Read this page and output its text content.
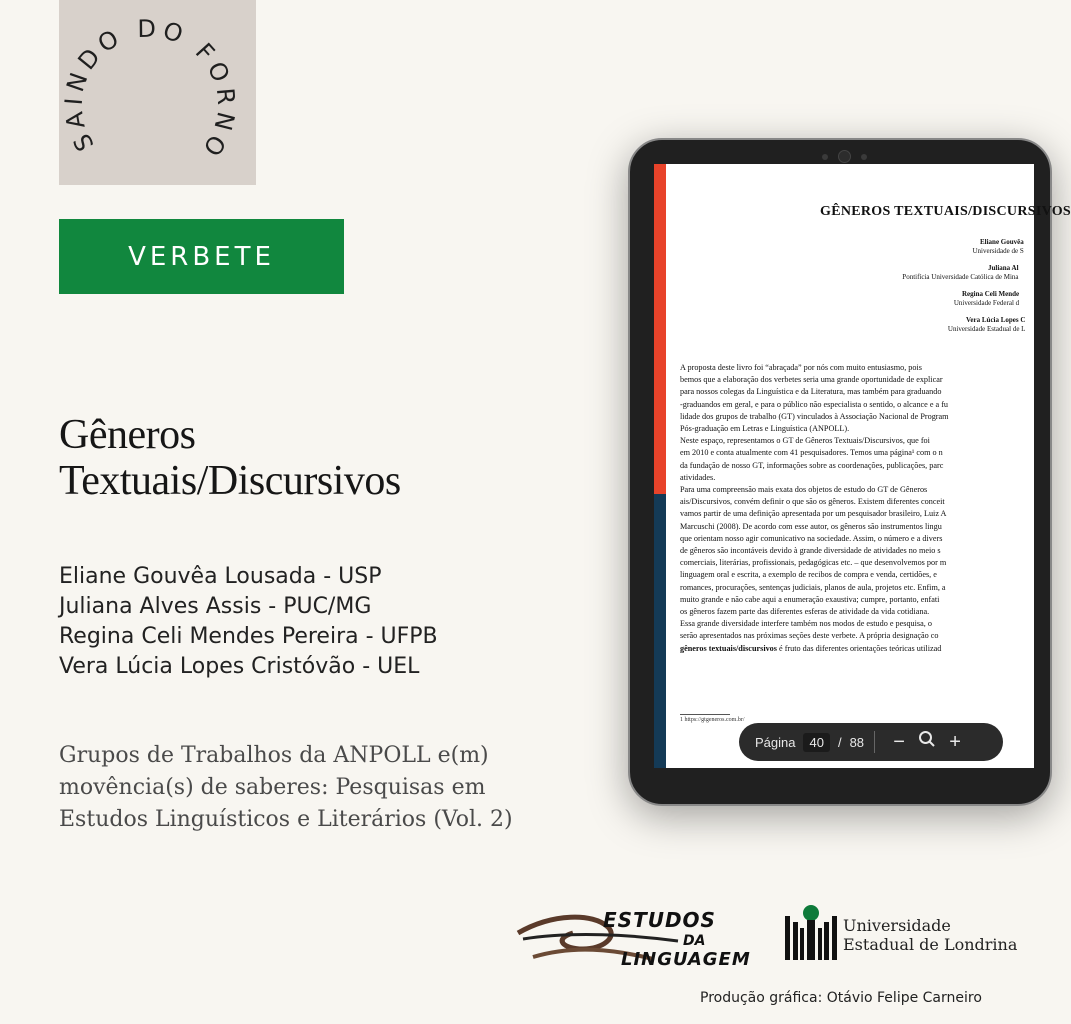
SAINDO DO FORNO
VERBETE
Gêneros
Textuais/Discursivos
Eliane Gouvêa Lousada - USP
Juliana Alves Assis - PUC/MG
Regina Celi Mendes Pereira - UFPB
Vera Lúcia Lopes Cristóvão - UEL
Grupos de Trabalhos da ANPOLL e(m)
movência(s) de saberes: Pesquisas em
Estudos Linguísticos e Literários (Vol. 2)
GÊNEROS TEXTUAIS/DISCURSIVOS
Eliane Gouvêa
Universidade de S
Juliana Al
Pontifícia Universidade Católica de Mina
Regina Celi Mende
Universidade Federal d
Vera Lúcia Lopes C
Universidade Estadual de L

A proposta deste livro foi “abraçada” por nós com muito entusiasmo, pois

bemos que a elaboração dos verbetes seria uma grande oportunidade de explicar

para nossos colegas da Linguística e da Literatura, mas também para graduando

-graduandos em geral, e para o público não especialista o sentido, o alcance e a fu

lidade dos grupos de trabalho (GT) vinculados à Associação Nacional de Program

Pós-graduação em Letras e Linguística (ANPOLL).

Neste espaço, representamos o GT de Gêneros Textuais/Discursivos, que foi

em 2010 e conta atualmente com 41 pesquisadores. Temos uma página¹ com o n

da fundação de nosso GT, informações sobre as coordenações, publicações, parc

atividades.

Para uma compreensão mais exata dos objetos de estudo do GT de Gêneros

ais/Discursivos, convém definir o que são os gêneros. Existem diferentes conceit

vamos partir de uma definição apresentada por um pesquisador brasileiro, Luiz A

Marcuschi (2008). De acordo com esse autor, os gêneros são instrumentos lingu

que orientam nosso agir comunicativo na sociedade. Assim, o número e a divers

de gêneros são incontáveis devido à grande diversidade de atividades no meio s

comerciais, literárias, profissionais, pedagógicas etc. – que desenvolvemos por m

linguagem oral e escrita, a exemplo de recibos de compra e venda, certidões, e

romances, procurações, sentenças judiciais, planos de aula, projetos etc. Enfim, a

muito grande e não cabe aqui a enumeração exaustiva; cumpre, portanto, enfati

os gêneros fazem parte das diferentes esferas de atividade da vida cotidiana.

Essa grande diversidade interfere também nos modos de estudo e pesquisa, o

serão apresentados nas próximas seções deste verbete. A própria designação co

gêneros textuais/discursivos é fruto das diferentes orientações teóricas utilizad

1 https://gtgeneros.com.br/
Página	40	/ 88	−	+
ESTUDOS
DA
LINGUAGEM
Universidade
Estadual de Londrina
Produção gráfica: Otávio Felipe Carneiro
